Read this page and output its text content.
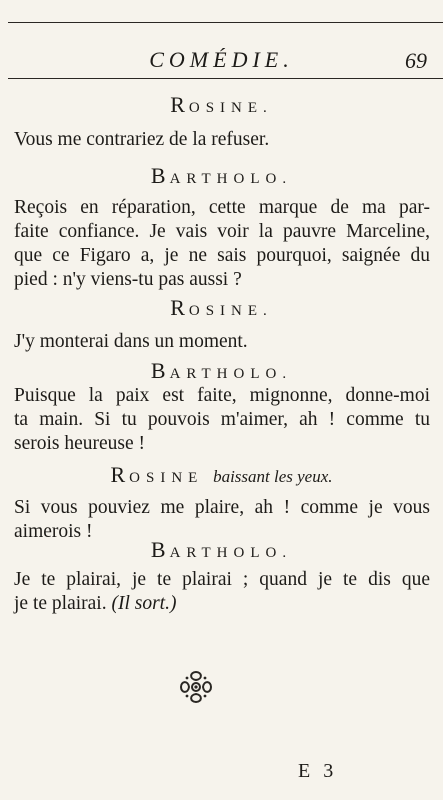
COMÉDIE.	69
ROSINE.
Vous me contrariez de la refuser.
BARTHOLO.
Reçois en réparation, cette marque de ma par-
faite confiance. Je vais voir la pauvre Marceline,
que ce Figaro a, je ne sais pourquoi, saignée du
pied : n'y viens-tu pas aussi ?
ROSINE.
J'y monterai dans un moment.
BARTHOLO.
Puisque la paix est faite, mignonne, donne-moi
ta main. Si tu pouvois m'aimer, ah ! comme tu
serois heureuse !
ROSINE baissant les yeux.
Si vous pouviez me plaire, ah ! comme je vous
aimerois !
BARTHOLO.
Je te plairai, je te plairai ; quand je te dis que
je te plairai. (Il sort.)
E 3
